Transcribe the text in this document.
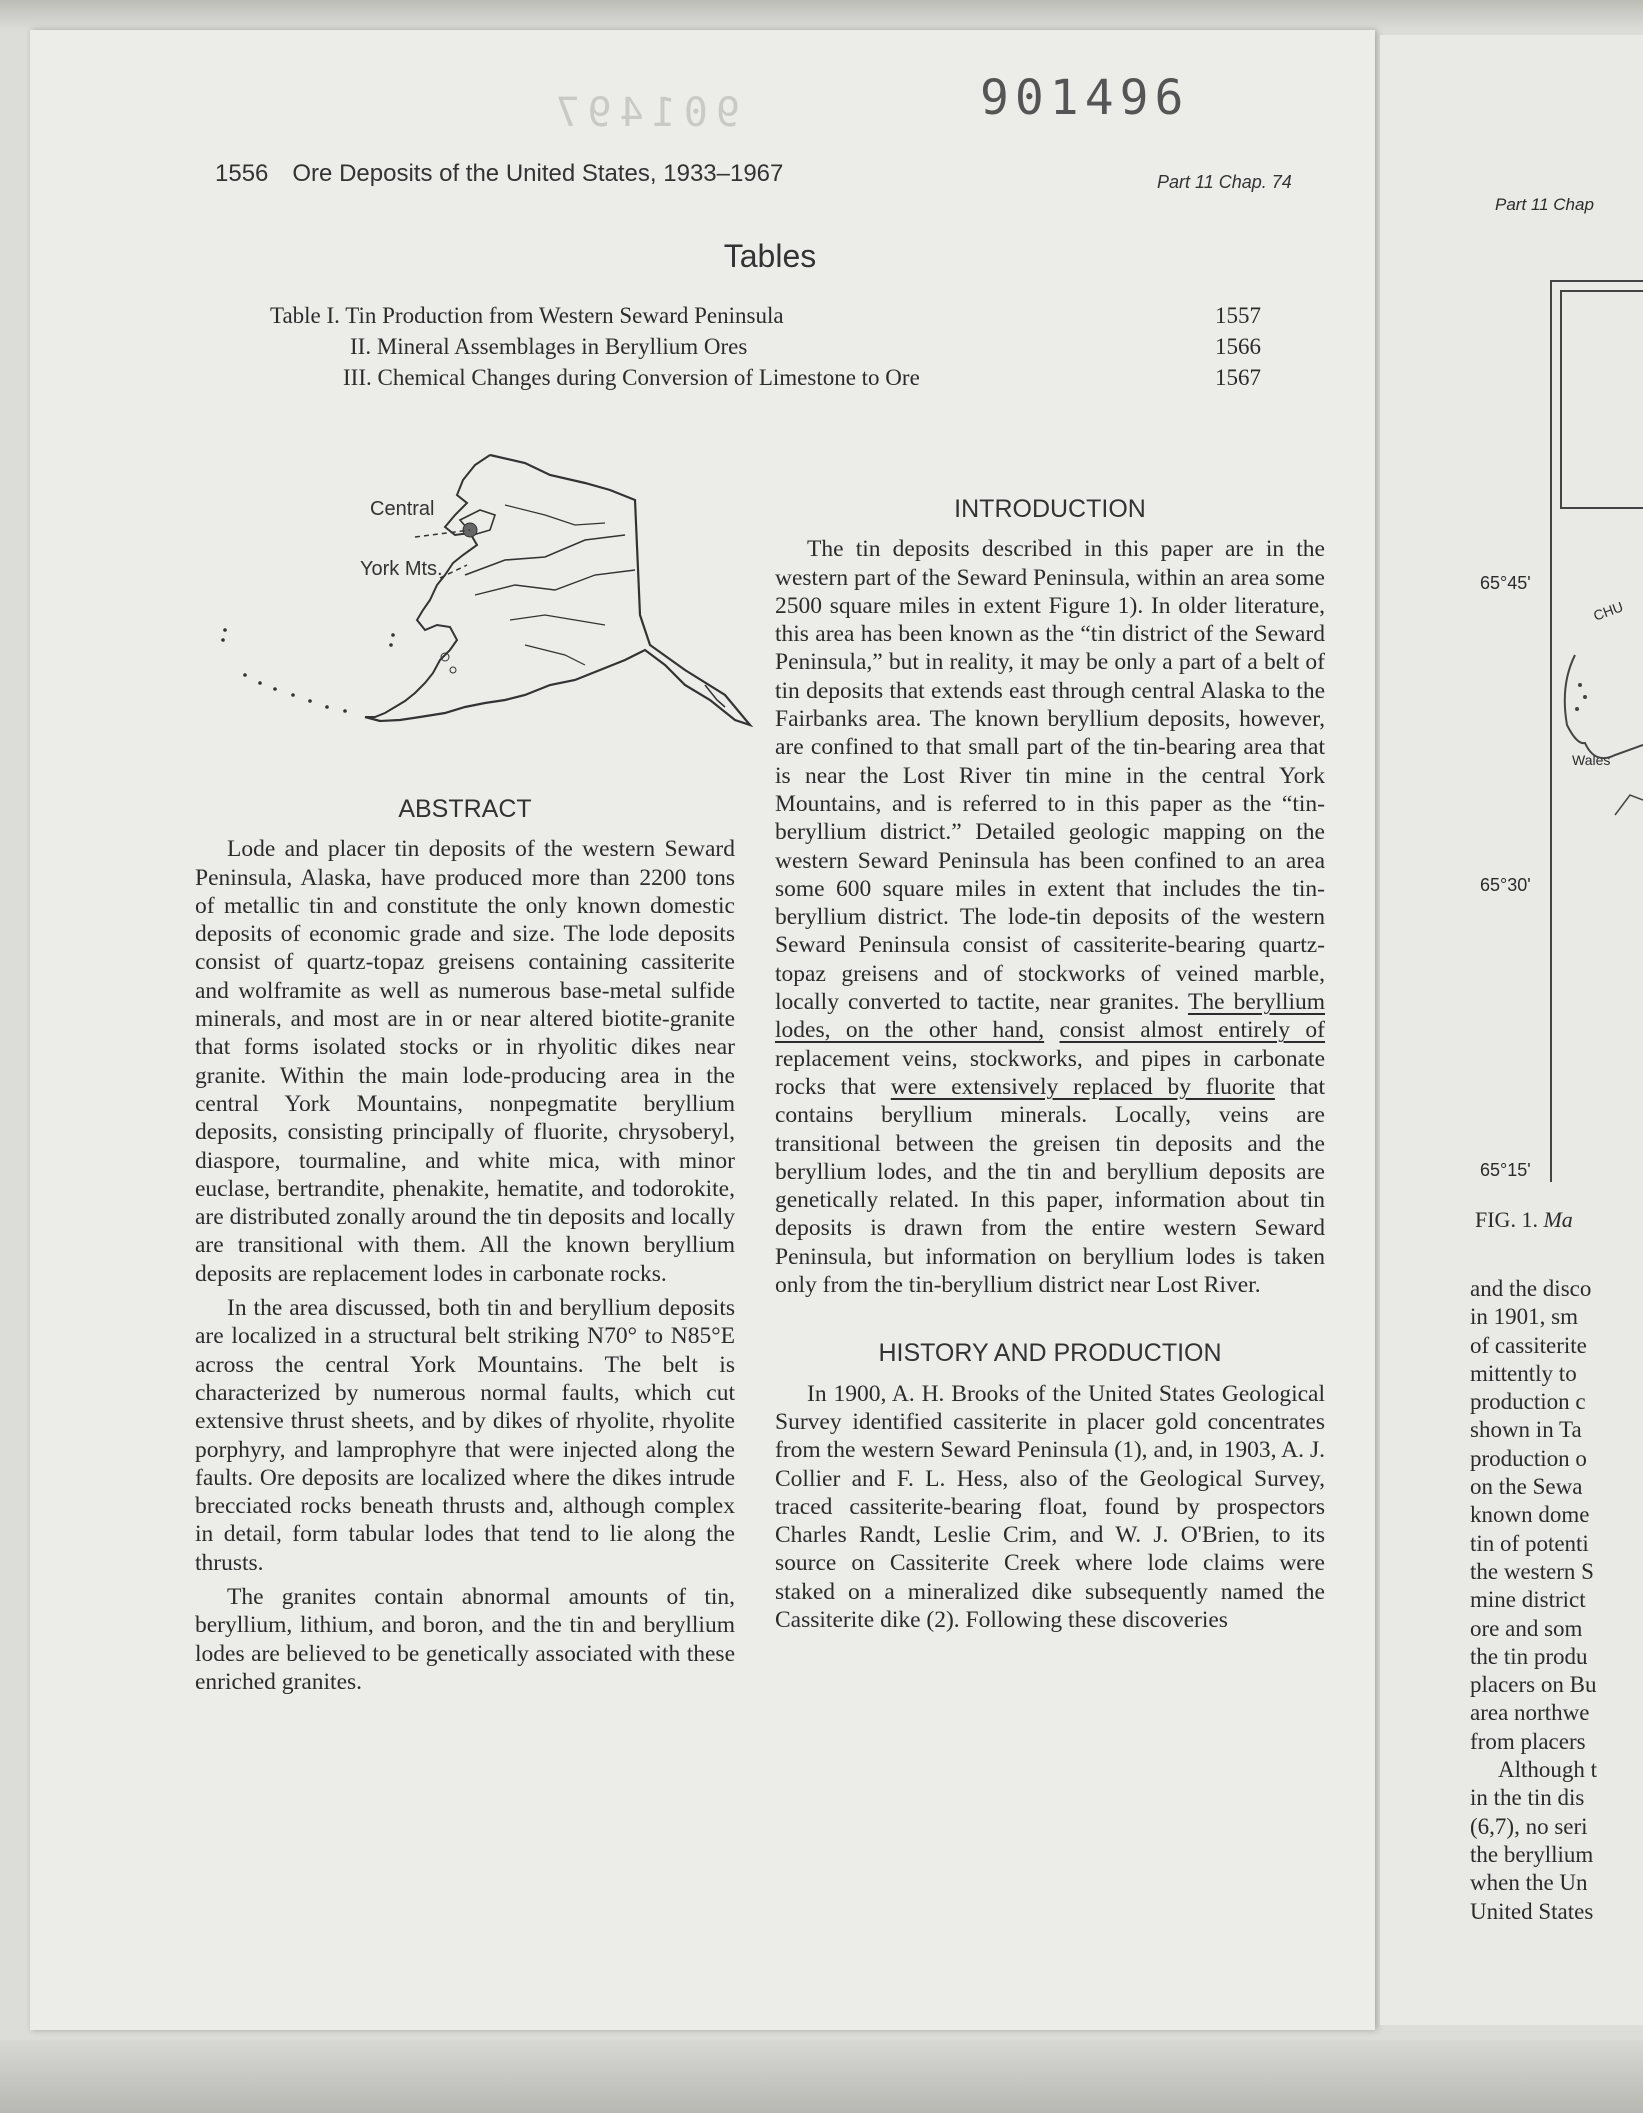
Part 11 Chap
65°45'
65°30'
65°15'
CHU
Wales
FIG. 1. Ma
and the disco
in 1901, sm
of cassiterite
mittently to
production c
shown in Ta
production o
on the Sewa
known dome
tin of potenti
the western S
mine district
ore and som
the tin produ
placers on Bu
area northwe
from placers
Although t
in the tin dis
(6,7), no seri
the beryllium
when the Un
United States
901497	901496
1556 Ore Deposits of the United States, 1933–1967	Part 11 Chap. 74
Tables
Table I. Tin Production from Western Seward Peninsula	1557
II. Mineral Assemblages in Beryllium Ores	1566
III. Chemical Changes during Conversion of Limestone to Ore	1567
Central
York Mts.
ABSTRACT

Lode and placer tin deposits of the western Seward Peninsula, Alaska, have produced more than 2200 tons of metallic tin and constitute the only known domestic deposits of economic grade and size. The lode deposits consist of quartz-topaz greisens containing cassiterite and wolframite as well as numerous base-metal sulfide minerals, and most are in or near altered biotite-granite that forms isolated stocks or in rhyolitic dikes near granite. Within the main lode-producing area in the central York Mountains, nonpegmatite beryllium deposits, consisting principally of fluorite, chrysoberyl, diaspore, tourmaline, and white mica, with minor euclase, bertrandite, phenakite, hematite, and todorokite, are distributed zonally around the tin deposits and locally are transitional with them. All the known beryllium deposits are replacement lodes in carbonate rocks.

In the area discussed, both tin and beryllium deposits are localized in a structural belt striking N70° to N85°E across the central York Mountains. The belt is characterized by numerous normal faults, which cut extensive thrust sheets, and by dikes of rhyolite, rhyolite porphyry, and lamprophyre that were injected along the faults. Ore deposits are localized where the dikes intrude brecciated rocks beneath thrusts and, although complex in detail, form tabular lodes that tend to lie along the thrusts.

The granites contain abnormal amounts of tin, beryllium, lithium, and boron, and the tin and beryllium lodes are believed to be genetically associated with these enriched granites.

INTRODUCTION

The tin deposits described in this paper are in the western part of the Seward Peninsula, within an area some 2500 square miles in extent Figure 1). In older literature, this area has been known as the “tin district of the Seward Peninsula,” but in reality, it may be only a part of a belt of tin deposits that extends east through central Alaska to the Fairbanks area. The known beryllium deposits, however, are confined to that small part of the tin-bearing area that is near the Lost River tin mine in the central York Mountains, and is referred to in this paper as the “tin-beryllium district.” Detailed geologic mapping on the western Seward Peninsula has been confined to an area some 600 square miles in extent that includes the tin-beryllium district. The lode-tin deposits of the western Seward Peninsula consist of cassiterite-bearing quartz-topaz greisens and of stockworks of veined marble, locally converted to tactite, near granites. The beryllium lodes, on the other hand, consist almost entirely of replacement veins, stockworks, and pipes in carbonate rocks that were extensively replaced by fluorite that contains beryllium minerals. Locally, veins are transitional between the greisen tin deposits and the beryllium lodes, and the tin and beryllium deposits are genetically related. In this paper, information about tin deposits is drawn from the entire western Seward Peninsula, but information on beryllium lodes is taken only from the tin-beryllium district near Lost River.

HISTORY AND PRODUCTION

In 1900, A. H. Brooks of the United States Geological Survey identified cassiterite in placer gold concentrates from the western Seward Peninsula (1), and, in 1903, A. J. Collier and F. L. Hess, also of the Geological Survey, traced cassiterite-bearing float, found by prospectors Charles Randt, Leslie Crim, and W. J. O'Brien, to its source on Cassiterite Creek where lode claims were staked on a mineralized dike subsequently named the Cassiterite dike (2). Following these discoveries
